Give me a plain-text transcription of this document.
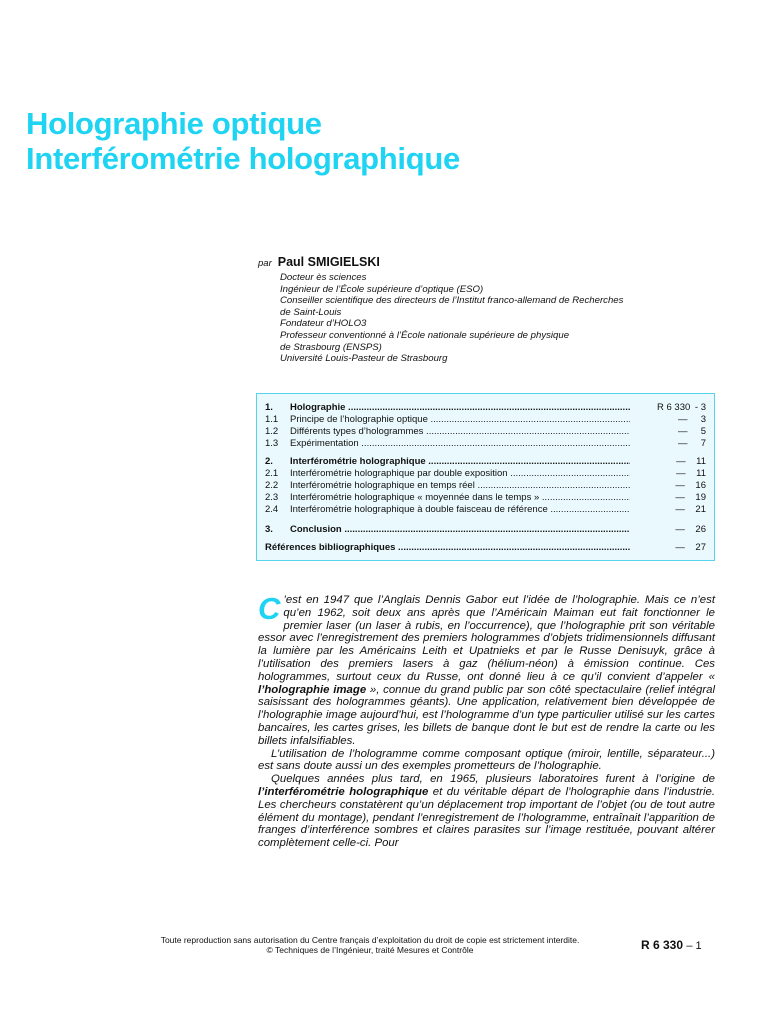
Holographie optique
Interférométrie holographique
par Paul SMIGIELSKI
Docteur ès sciences
Ingénieur de l’École supérieure d’optique (ESO)
Conseiller scientifique des directeurs de l’Institut franco-allemand de Recherches
de Saint-Louis
Fondateur d’HOLO3
Professeur conventionné à l’École nationale supérieure de physique
de Strasbourg (ENSPS)
Université Louis-Pasteur de Strasbourg
1.	Holographie .....	R 6 330 - 3
1.1	Principe de l’holographie optique .....	—     3
1.2	Différents types d’hologrammes .....	—     5
1.3	Expérimentation .....	—     7
2.	Interférométrie holographique .....	—    11
2.1	Interférométrie holographique par double exposition .....	—    11
2.2	Interférométrie holographique en temps réel .....	—    16
2.3	Interférométrie holographique « moyennée dans le temps » .....	—    19
2.4	Interférométrie holographique à double faisceau de référence .....	—    21
3.	Conclusion .....	—    26
Références bibliographiques .....	—    27

C ’est en 1947 que l’Anglais Dennis Gabor eut l’idée de l’holographie. Mais ce n’est qu’en 1962, soit deux ans après que l’Américain Maiman eut fait fonctionner le premier laser (un laser à rubis, en l’occurrence), que l’holographie prit son véritable essor avec l’enregistrement des premiers hologrammes d’objets tridimensionnels diffusant la lumière par les Américains Leith et Upatnieks et par le Russe Denisuyk, grâce à l’utilisation des premiers lasers à gaz (hélium-néon) à émission continue. Ces hologrammes, surtout ceux du Russe, ont donné lieu à ce qu’il convient d’appeler « l’holographie image », connue du grand public par son côté spectaculaire (relief intégral saisissant des hologrammes géants). Une application, relativement bien développée de l’holographie image aujourd’hui, est l’hologramme d’un type particulier utilisé sur les cartes bancaires, les cartes grises, les billets de banque dont le but est de rendre la carte ou les billets infalsifiables.

L’utilisation de l’hologramme comme composant optique (miroir, lentille, séparateur...) est sans doute aussi un des exemples prometteurs de l’holographie.

Quelques années plus tard, en 1965, plusieurs laboratoires furent à l’origine de l’interférométrie holographique et du véritable départ de l’holographie dans l’industrie. Les chercheurs constatèrent qu’un déplacement trop important de l’objet (ou de tout autre élément du montage), pendant l’enregistrement de l’hologramme, entraînait l’apparition de franges d’interférence sombres et claires parasites sur l’image restituée, pouvant altérer complètement celle-ci. Pour

Toute reproduction sans autorisation du Centre français d’exploitation du droit de copie est strictement interdite.
© Techniques de l’Ingénieur, traité Mesures et Contrôle	R 6 330 – 1
